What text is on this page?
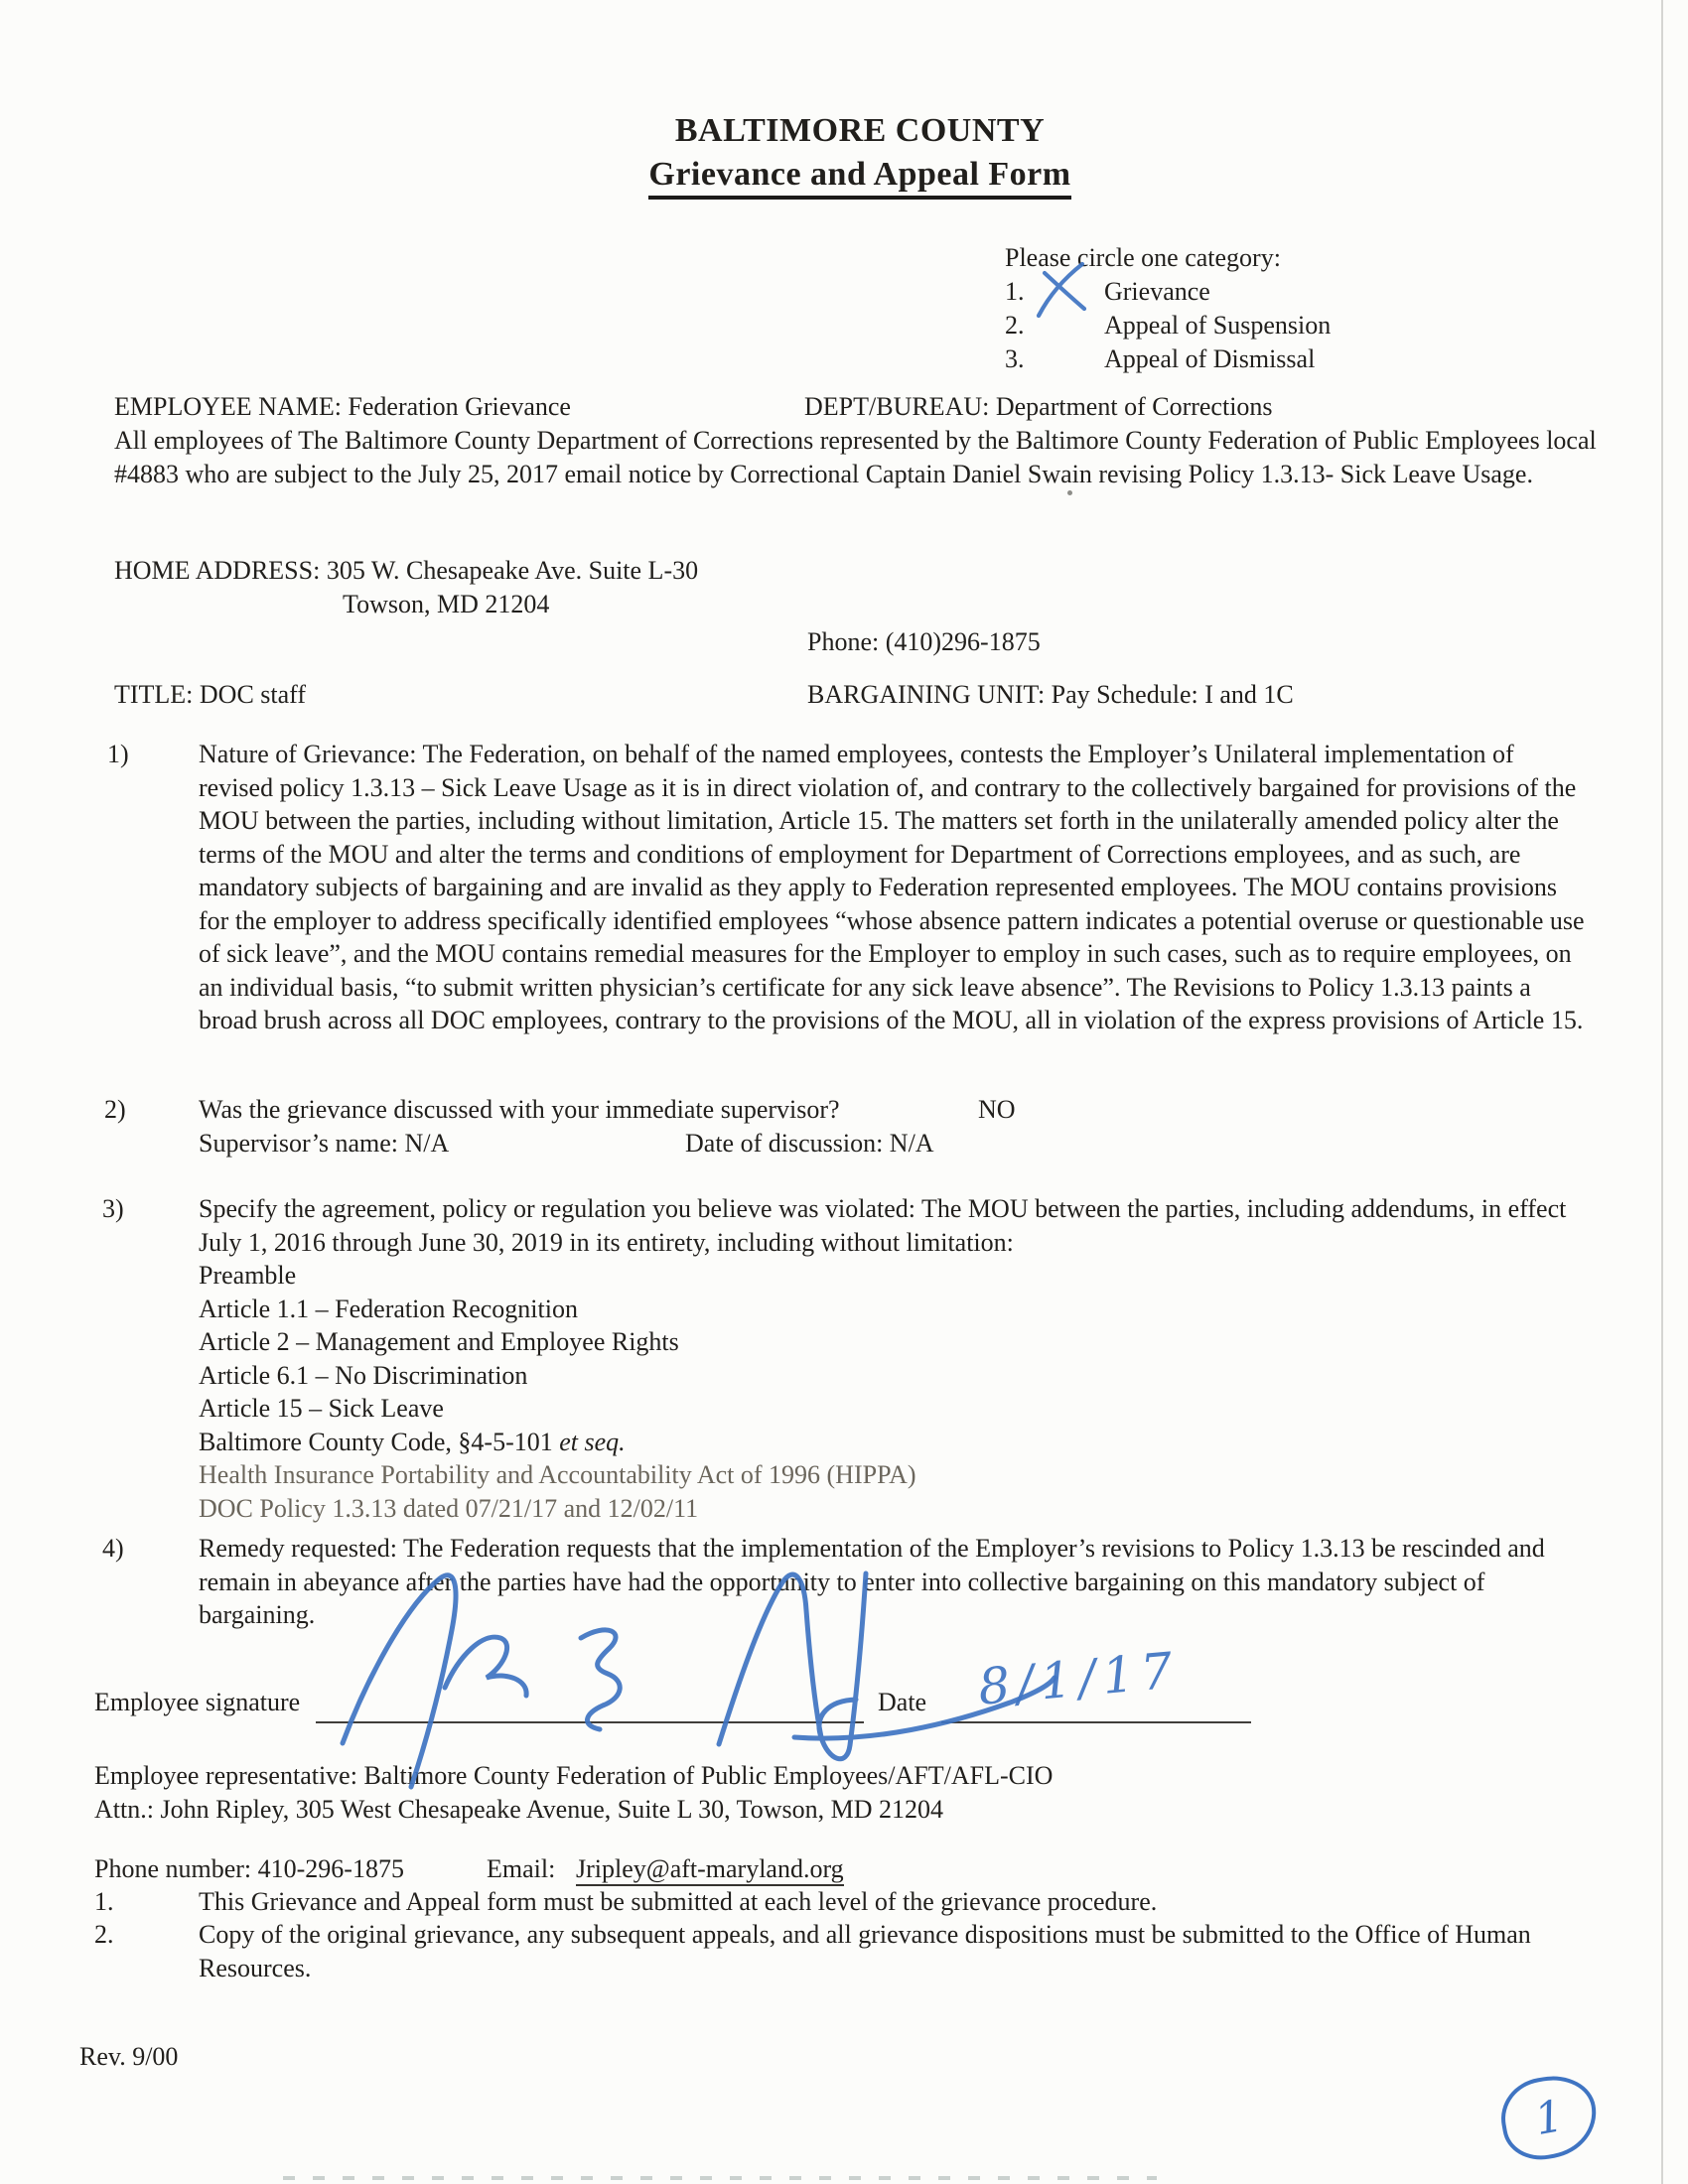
BALTIMORE COUNTY
Grievance and Appeal Form
Please circle one category:
1.	Grievance
2.	Appeal of Suspension
3.	Appeal of Dismissal
EMPLOYEE NAME: Federation Grievance	DEPT/BUREAU: Department of Corrections
All employees of The Baltimore County Department of Corrections represented by the Baltimore County Federation of Public Employees local #4883 who are subject to the July 25, 2017 email notice by Correctional Captain Daniel Swain revising Policy 1.3.13- Sick Leave Usage.
HOME ADDRESS: 305 W. Chesapeake Ave. Suite L-30
Towson, MD 21204
Phone: (410)296-1875
TITLE: DOC staff	BARGAINING UNIT: Pay Schedule: I and 1C
1)	Nature of Grievance: The Federation, on behalf of the named employees, contests the Employer’s Unilateral implementation of revised policy 1.3.13 – Sick Leave Usage as it is in direct violation of, and contrary to the collectively bargained for provisions of the MOU between the parties, including without limitation, Article 15. The matters set forth in the unilaterally amended policy alter the terms of the MOU and alter the terms and conditions of employment for Department of Corrections employees, and as such, are mandatory subjects of bargaining and are invalid as they apply to Federation represented employees. The MOU contains provisions for the employer to address specifically identified employees “whose absence pattern indicates a potential overuse or questionable use of sick leave”, and the MOU contains remedial measures for the Employer to employ in such cases, such as to require employees, on an individual basis, “to submit written physician’s certificate for any sick leave absence”. The Revisions to Policy 1.3.13 paints a broad brush across all DOC employees, contrary to the provisions of the MOU, all in violation of the express provisions of Article 15.
2)	Was the grievance discussed with your immediate supervisor?	NO
Supervisor’s name: N/A	Date of discussion: N/A
3)	Specify the agreement, policy or regulation you believe was violated: The MOU between the parties, including addendums, in effect July 1, 2016 through June 30, 2019 in its entirety, including without limitation:
Preamble
Article 1.1 – Federation Recognition
Article 2 – Management and Employee Rights
Article 6.1 – No Discrimination
Article 15 – Sick Leave
Baltimore County Code, §4-5-101 et seq.
Health Insurance Portability and Accountability Act of 1996 (HIPPA)
DOC Policy 1.3.13 dated 07/21/17 and 12/02/11
4)	Remedy requested: The Federation requests that the implementation of the Employer’s revisions to Policy 1.3.13 be rescinded and remain in abeyance after the parties have had the opportunity to enter into collective bargaining on this mandatory subject of bargaining.
Employee signature	Date 8/1/17
Employee representative: Baltimore County Federation of Public Employees/AFT/AFL-CIO
Attn.: John Ripley, 305 West Chesapeake Avenue, Suite L 30, Towson, MD 21204
Phone number: 410-296-1875	Email: Jripley@aft-maryland.org
1.	This Grievance and Appeal form must be submitted at each level of the grievance procedure.
2.	Copy of the original grievance, any subsequent appeals, and all grievance dispositions must be submitted to the Office of Human Resources.
Rev. 9/00
1
